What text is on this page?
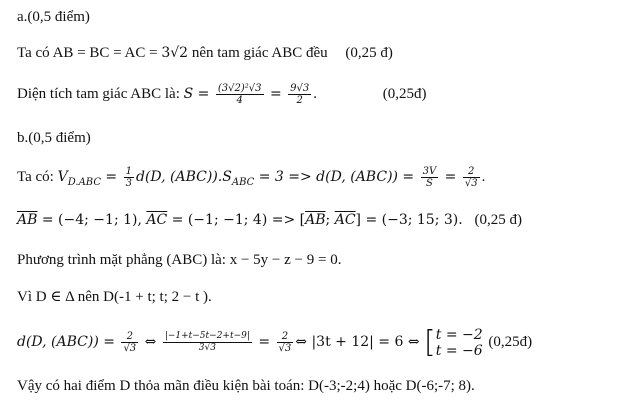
a.(0,5 điểm)
Ta có AB = BC = AC = 3√2 nên tam giác ABC đều (0,25 đ)
Diện tích tam giác ABC là: $S = \frac{\text{(3√2)²√3}}{4} = \frac{9√3}{2}$ .	(0,25đ)
b.(0,5 điểm)
Ta có: $V_{D.ABC} = \frac{1}{3} d(D$, $(ABC)).S_{ABC} = 3 => d(D$, $(ABC)) = \frac{3V}{S} = \frac{2}{√3}$ .
$\overline{AB} = (-4$; −1; 1), $\overline{AC} = (-1$; −1; $4) => [\overline{AB}$; $\overline{AC}] = (-3$; 15; 3). (0,25 đ)
Phương trình mặt phẳng (ABC) là: x − 5y − z − 9 = 0.
Vì D ∈ Δ nên D(-1 + t; t; 2 − t ).
d(D, $(ABC)) = \frac{2}{√3}$ ⇔ $\frac{|-1+t-5t-2+t-9|}{3√3} = \frac{2}{√3}$ ⇔ |3t + 12| = 6 ⇔ [ t = −2
t = −6
(0,25đ)
Vậy có hai điểm D thỏa mãn điều kiện bài toán: D(-3;-2;4) hoặc D(-6;-7; 8).
